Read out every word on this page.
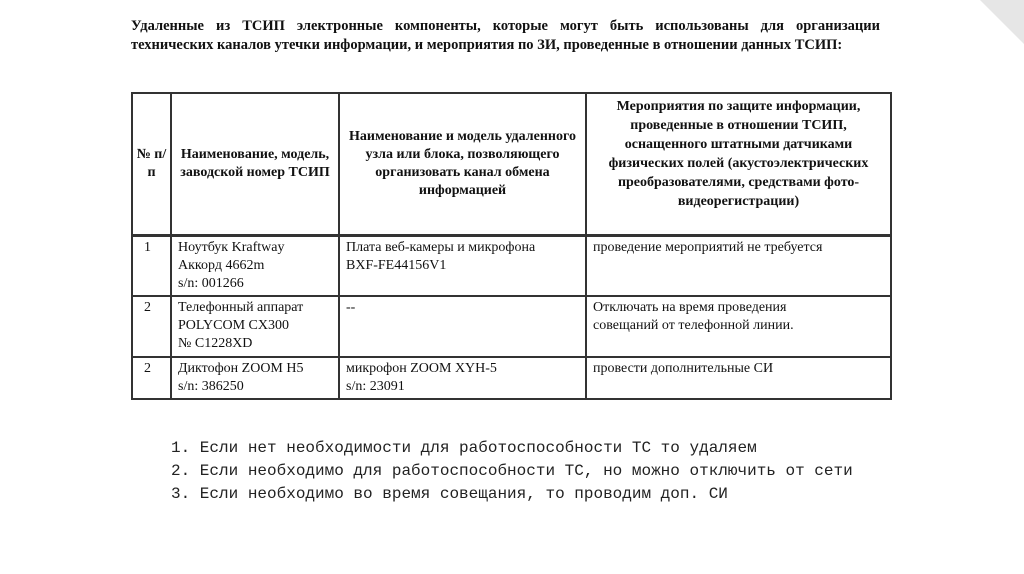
Удаленные из ТСИП электронные компоненты, которые могут быть использованы для организации технических каналов утечки информации, и мероприятия по ЗИ, проведенные в отношении данных ТСИП:
№ п/п	Наименование, модель, заводской номер ТСИП	Наименование и модель удаленного узла или блока, позволяющего организовать канал обмена информацией	Мероприятия по защите информации, проведенные в отношении ТСИП, оснащенного штатными датчиками физических полей (акустоэлектрических преобразователями, средствами фото-видеорегистрации)
1	Ноутбук Kraftway
Аккорд 4662m
s/n: 001266	Плата веб-камеры и микрофона
BXF-FE44156V1	проведение мероприятий не требуется

2	Телефонный аппарат
POLYCOM CX300
№ C1228XD	--	Отключать на время проведения
совещаний от телефонной линии.

2	Диктофон ZOOM H5
s/n: 386250	микрофон ZOOM XYH-5
s/n: 23091	провести дополнительные СИ
1. Если нет необходимости для работоспособности ТС то удаляем
2. Если необходимо для работоспособности ТС, но можно отключить от сети
3. Если необходимо во время совещания, то проводим доп. СИ
